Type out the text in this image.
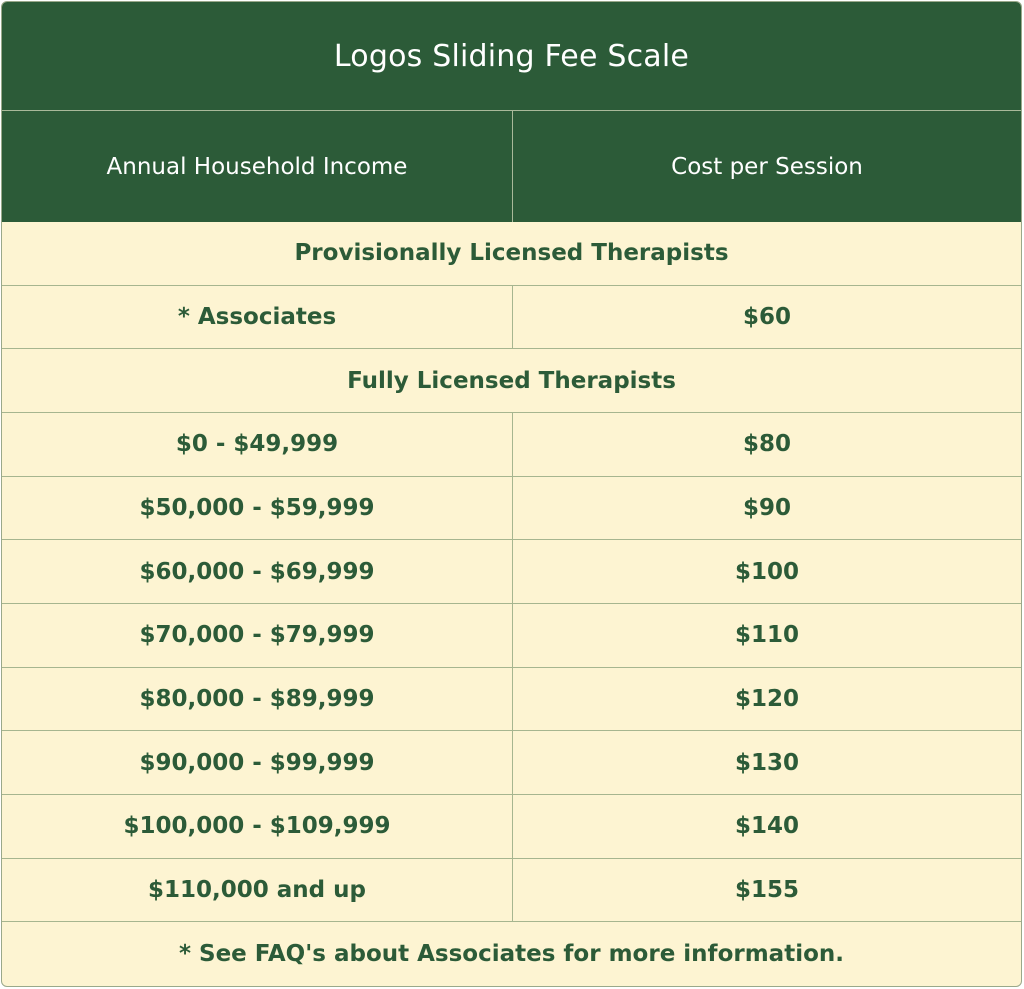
Logos Sliding Fee Scale
Annual Household Income	Cost per Session
Provisionally Licensed Therapists
* Associates	$60
Fully Licensed Therapists
$0 - $49,999	$80
$50,000 - $59,999	$90
$60,000 - $69,999	$100
$70,000 - $79,999	$110
$80,000 - $89,999	$120
$90,000 - $99,999	$130
$100,000 - $109,999	$140
$110,000 and up	$155
* See FAQ's about Associates for more information.
